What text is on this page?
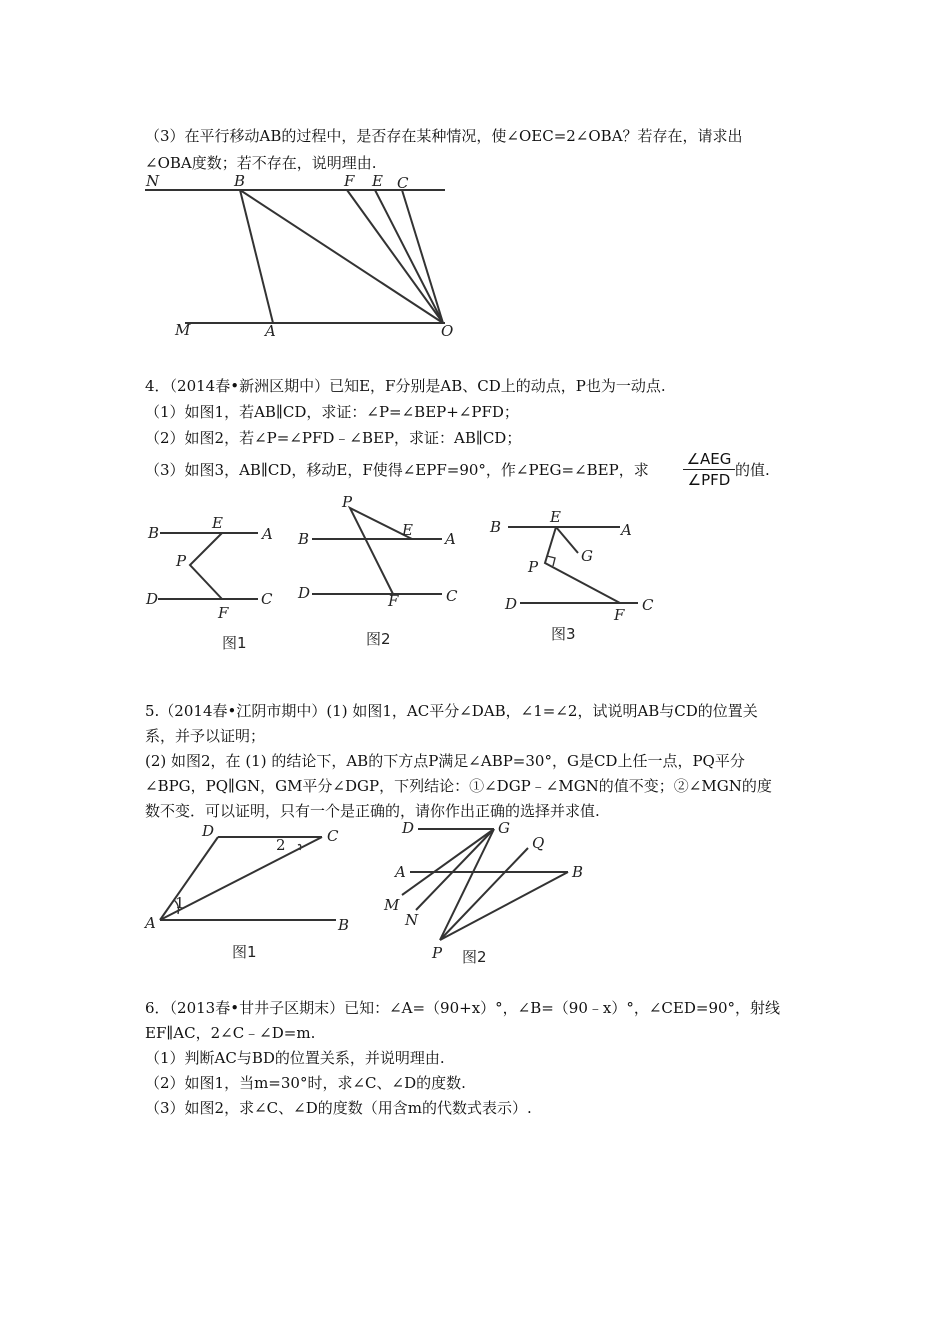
（3）在平行移动AB的过程中，是否存在某种情况，使∠OEC=2∠OBA？若存在，请求出
∠OBA度数；若不存在，说明理由.
N	B	F E C
M	A	O
4．（2014春•新洲区期中）已知E，F分别是AB、CD上的动点，P也为一动点.
（1）如图1，若AB∥CD，求证：∠P=∠BEP+∠PFD；
（2）如图2，若∠P=∠PFD﹣∠BEP，求证：AB∥CD；
（3）如图3，AB∥CD，移动E，F使得∠EPF=90°，作∠PEG=∠BEP，求
∠AEG
∠PFD
的值.
B
E
A
P
D
F
C
图1
P
B	E A
D	F	C
图2
B
E
A
G
P
D
F
C
图3
5.（2014春•江阴市期中）(1) 如图1，AC平分∠DAB，∠1=∠2，试说明AB与CD的位置关
系，并予以证明；
(2) 如图2，在 (1) 的结论下，AB的下方点P满足∠ABP=30°，G是CD上任一点，PQ平分
∠BPG，PQ∥GN，GM平分∠DGP，下列结论：①∠DGP﹣∠MGN的值不变；②∠MGN的度
数不变．可以证明，只有一个是正确的，请你作出正确的选择并求值.
D	C
2
1
A	B
图1
D	G
Q
A	B
M
N
P 图2
6．（2013春•甘井子区期末）已知：∠A=（90+x）°，∠B=（90﹣x）°，∠CED=90°，射线
EF∥AC，2∠C﹣∠D=m.
（1）判断AC与BD的位置关系，并说明理由.
（2）如图1，当m=30°时，求∠C、∠D的度数.
（3）如图2，求∠C、∠D的度数（用含m的代数式表示）.
